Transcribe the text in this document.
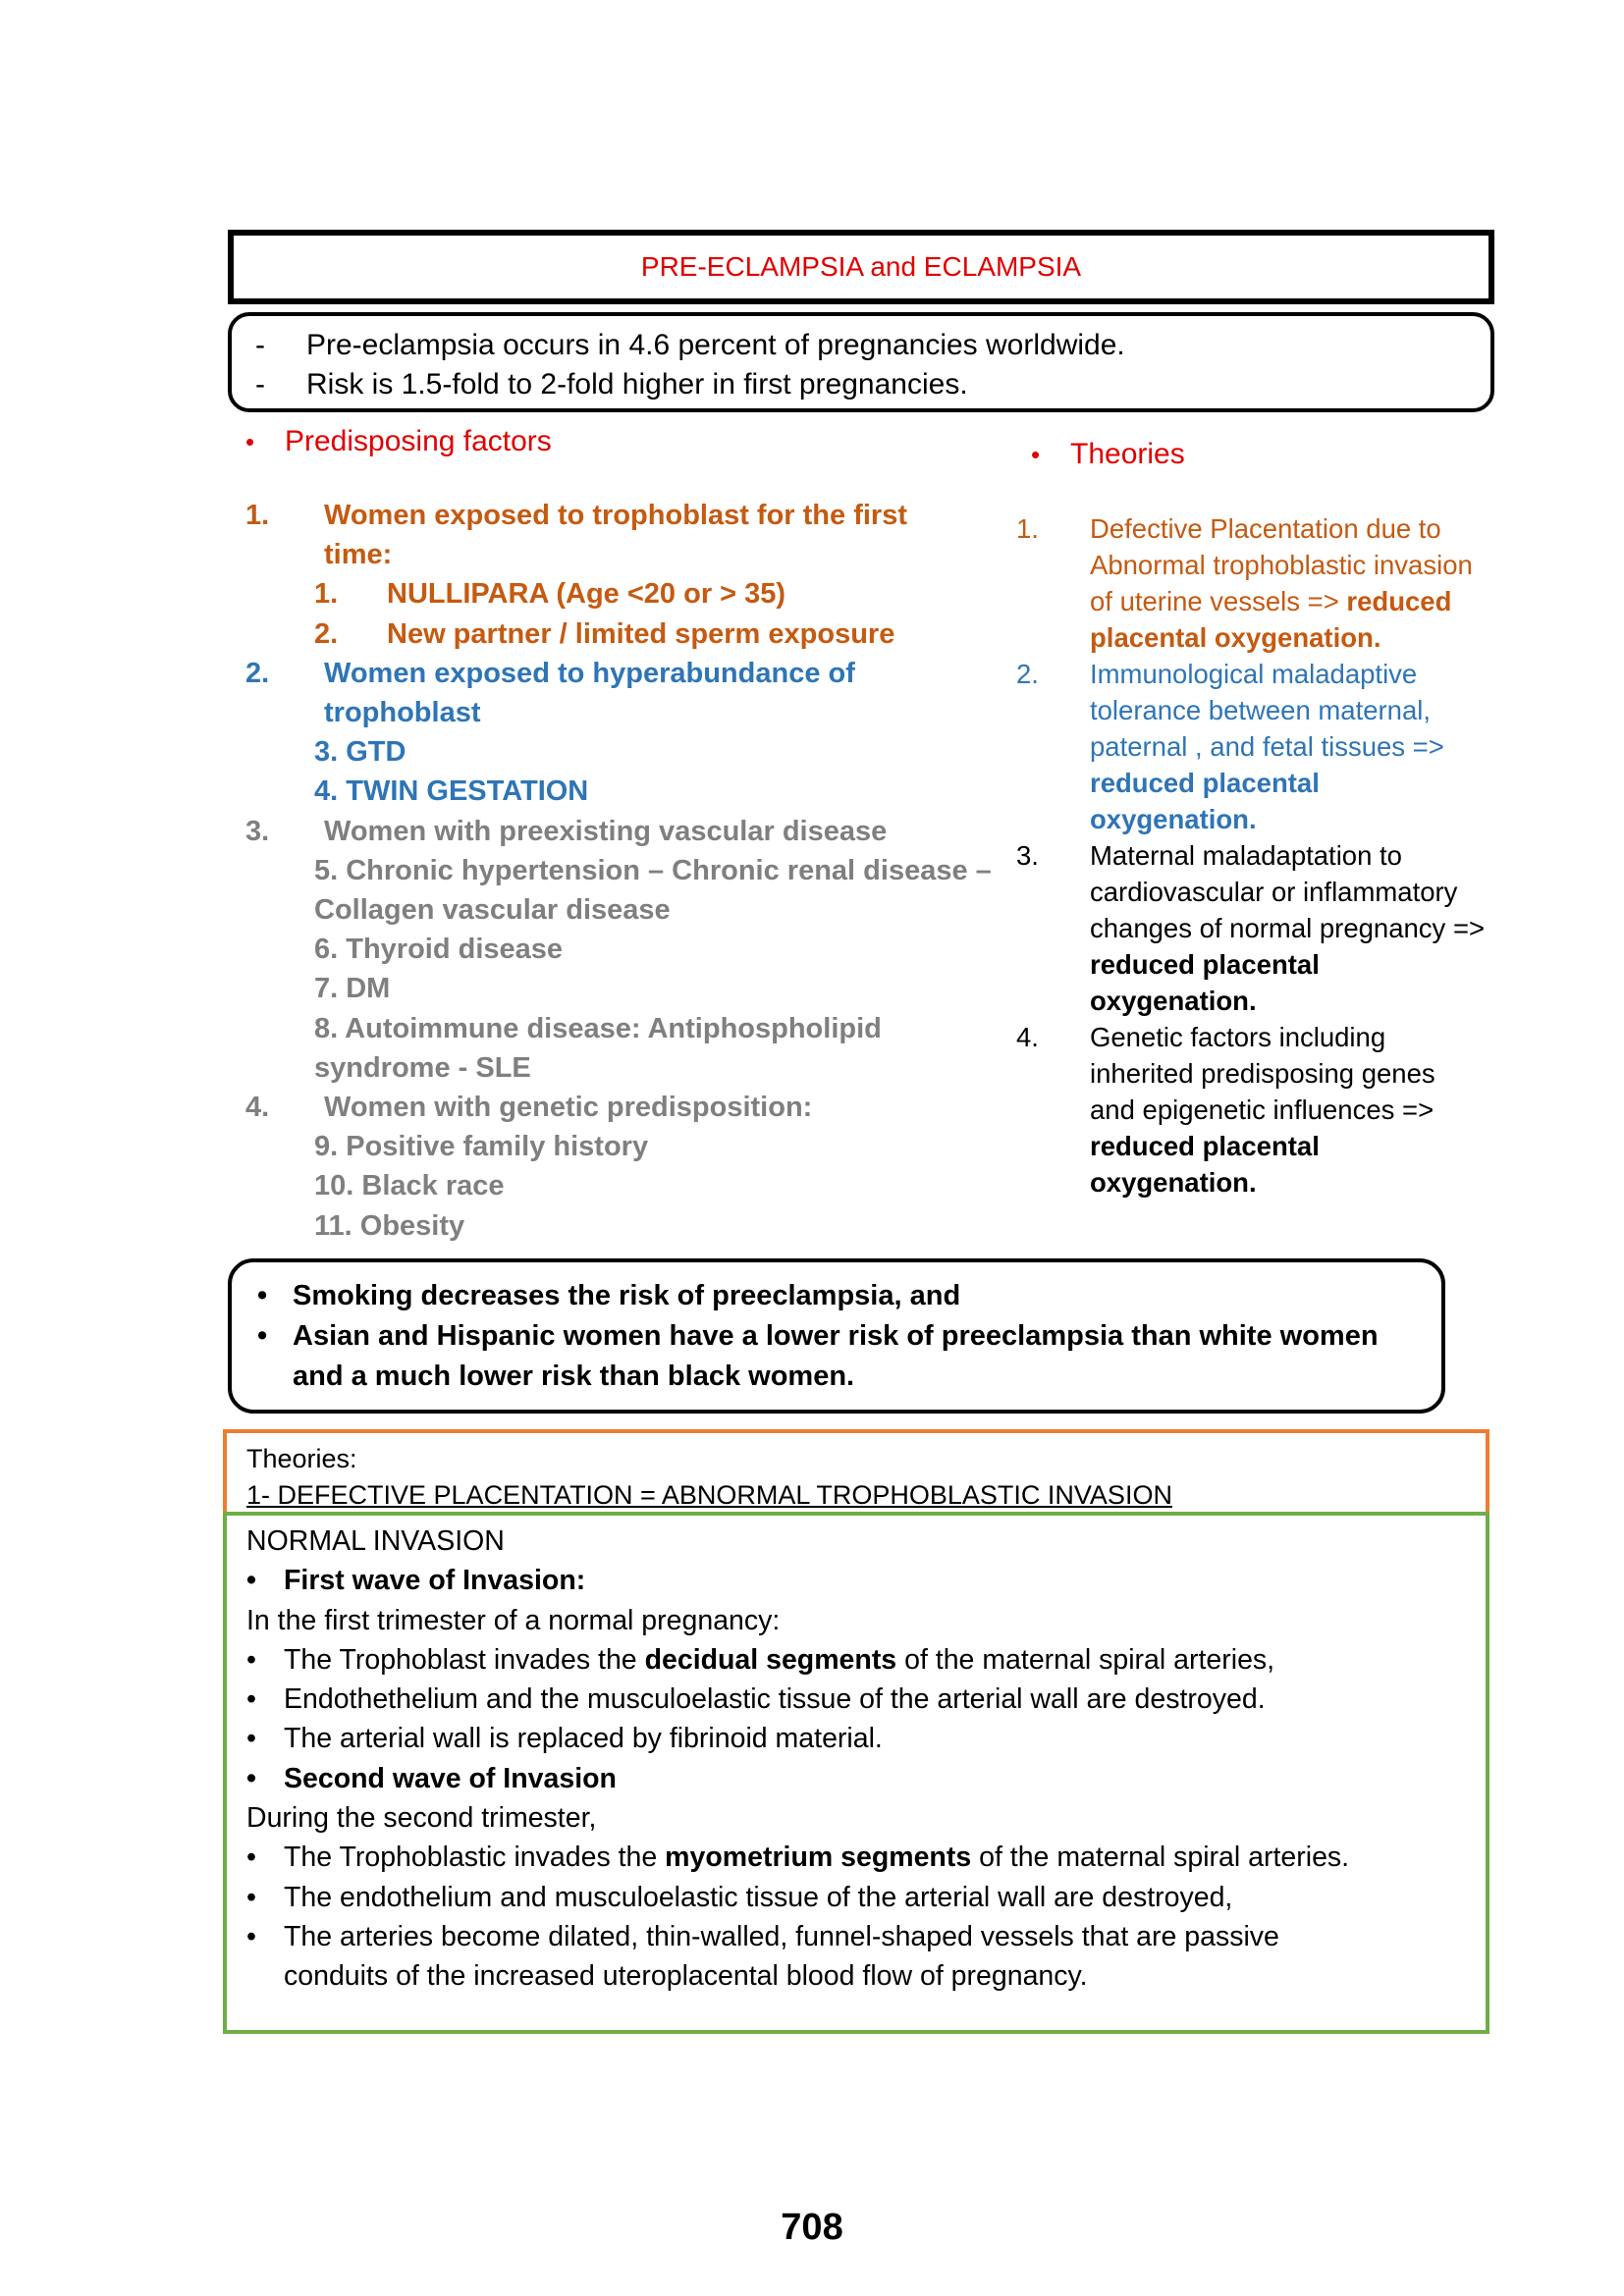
PRE-ECLAMPSIA and ECLAMPSIA
-	Pre-eclampsia occurs in 4.6 percent of pregnancies worldwide.
-	Risk is 1.5-fold to 2-fold higher in first pregnancies.
•	Predisposing factors
1.	Women exposed to trophoblast for the first
time:
1.	NULLIPARA (Age <20 or > 35)
2.	New partner / limited sperm exposure
2.	Women exposed to hyperabundance of
trophoblast
3. GTD
4. TWIN GESTATION
3.	Women with preexisting vascular disease
5. Chronic hypertension – Chronic renal disease –
Collagen vascular disease
6. Thyroid disease
7. DM
8. Autoimmune disease: Antiphospholipid
syndrome - SLE
4.	Women with genetic predisposition:
9. Positive family history
10. Black race
11. Obesity
•	Theories
1.	Defective Placentation due to Abnormal trophoblastic invasion of uterine vessels => reduced placental oxygenation.
2.	Immunological maladaptive tolerance between maternal, paternal , and fetal tissues => reduced placental oxygenation.
3.	Maternal maladaptation to cardiovascular or inflammatory changes of normal pregnancy => reduced placental oxygenation.
4.	Genetic factors including inherited predisposing genes and epigenetic influences => reduced placental oxygenation.
• Smoking decreases the risk of preeclampsia, and
• Asian and Hispanic women have a lower risk of preeclampsia than white women
and a much lower risk than black women.
Theories:
1- DEFECTIVE PLACENTATION = ABNORMAL TROPHOBLASTIC INVASION
NORMAL INVASION
• First wave of Invasion:
In the first trimester of a normal pregnancy:
• The Trophoblast invades the decidual segments of the maternal spiral arteries,
• Endothethelium and the musculoelastic tissue of the arterial wall are destroyed.
• The arterial wall is replaced by fibrinoid material.
• Second wave of Invasion
During the second trimester,
• The Trophoblastic invades the myometrium segments of the maternal spiral arteries.
• The endothelium and musculoelastic tissue of the arterial wall are destroyed,
• The arteries become dilated, thin-walled, funnel-shaped vessels that are passive
conduits of the increased uteroplacental blood flow of pregnancy.
708
